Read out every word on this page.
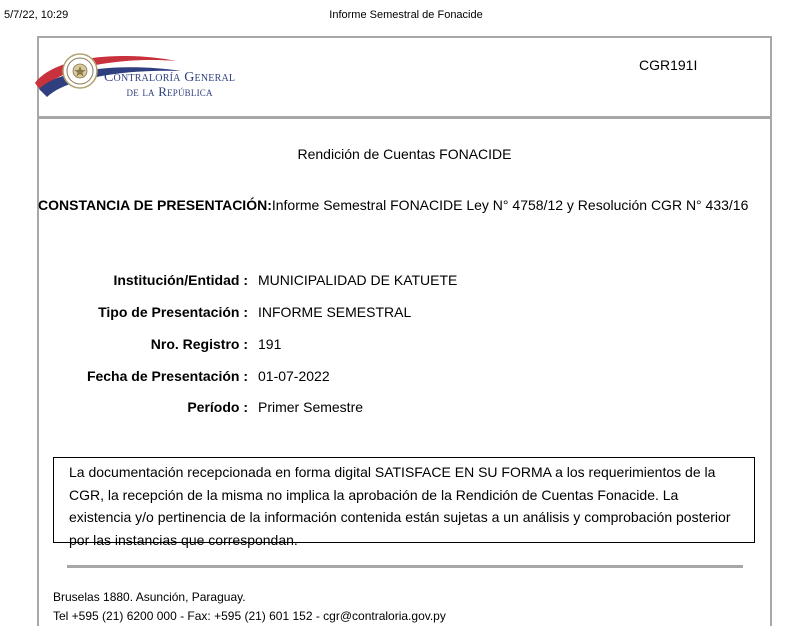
5/7/22, 10:29	Informe Semestral de Fonacide
Contraloría General
de la República
CGR191I
Rendición de Cuentas FONACIDE
CONSTANCIA DE PRESENTACIÓN:Informe Semestral FONACIDE Ley N° 4758/12 y Resolución CGR N° 433/16
Institución/Entidad : MUNICIPALIDAD DE KATUETE
Tipo de Presentación : INFORME SEMESTRAL
Nro. Registro : 191
Fecha de Presentación : 01-07-2022
Período : Primer Semestre
La documentación recepcionada en forma digital SATISFACE EN SU FORMA a los requerimientos de la CGR, la recepción de la misma no implica la aprobación de la Rendición de Cuentas Fonacide. La existencia y/o pertinencia de la información contenida están sujetas a un análisis y comprobación posterior por las instancias que correspondan.
Bruselas 1880. Asunción, Paraguay.
Tel +595 (21) 6200 000 - Fax: +595 (21) 601 152 - cgr@contraloria.gov.py
